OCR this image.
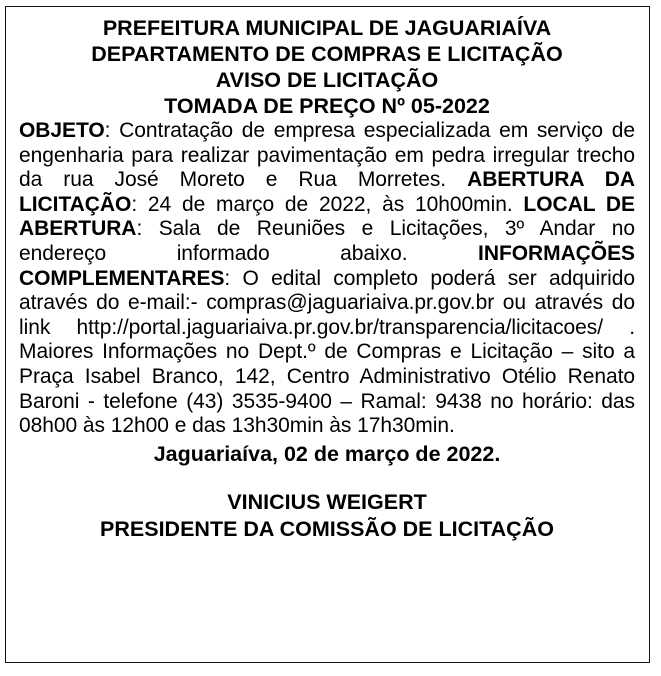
PREFEITURA MUNICIPAL DE JAGUARIAÍVA
DEPARTAMENTO DE COMPRAS E LICITAÇÃO
AVISO DE LICITAÇÃO
TOMADA DE PREÇO Nº 05-2022

OBJETO: Contratação de empresa especializada em serviço de engenharia para realizar pavimentação em pedra irregular trecho da rua José Moreto e Rua Morretes. ABERTURA DA LICITAÇÃO: 24 de março de 2022, às 10h00min. LOCAL DE ABERTURA: Sala de Reuniões e Licitações, 3º Andar no endereço informado abaixo. INFORMAÇÕES COMPLEMENTARES: O edital completo poderá ser adquirido através do e-mail:- compras@jaguariaiva.pr.gov.br ou através do link http://portal.jaguariaiva.pr.gov.br/transparencia/licitacoes/ . Maiores Informações no Dept.º de Compras e Licitação – sito a Praça Isabel Branco, 142, Centro Administrativo Otélio Renato Baroni - telefone (43) 3535-9400 – Ramal: 9438 no horário: das 08h00 às 12h00 e das 13h30min às 17h30min.

Jaguariaíva, 02 de março de 2022.
VINICIUS WEIGERT
PRESIDENTE DA COMISSÃO DE LICITAÇÃO
